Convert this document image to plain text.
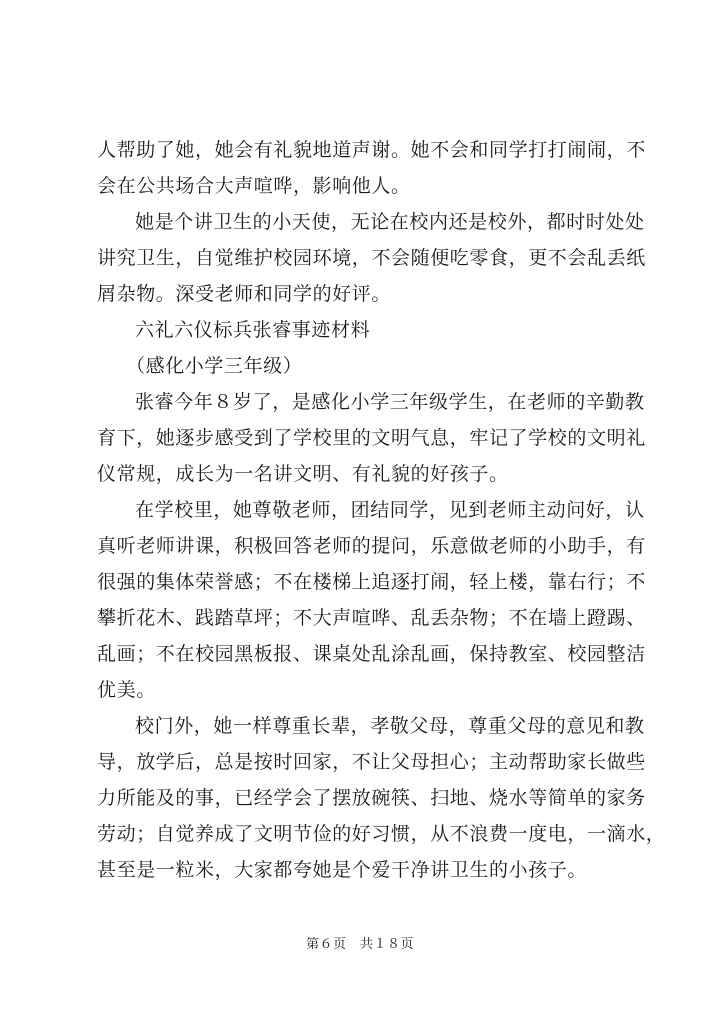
人帮助了她，她会有礼貌地道声谢。她不会和同学打打闹闹，不
会在公共场合大声喧哗，影响他人。
她是个讲卫生的小天使，无论在校内还是校外，都时时处处
讲究卫生，自觉维护校园环境，不会随便吃零食，更不会乱丢纸
屑杂物。深受老师和同学的好评。
六礼六仪标兵张睿事迹材料
（感化小学三年级）
张睿今年８岁了，是感化小学三年级学生，在老师的辛勤教
育下，她逐步感受到了学校里的文明气息，牢记了学校的文明礼
仪常规，成长为一名讲文明、有礼貌的好孩子。
在学校里，她尊敬老师，团结同学，见到老师主动问好，认
真听老师讲课，积极回答老师的提问，乐意做老师的小助手，有
很强的集体荣誉感；不在楼梯上追逐打闹，轻上楼，靠右行；不
攀折花木、践踏草坪；不大声喧哗、乱丢杂物；不在墙上蹬踢、
乱画；不在校园黑板报、课桌处乱涂乱画，保持教室、校园整洁
优美。
校门外，她一样尊重长辈，孝敬父母，尊重父母的意见和教
导，放学后，总是按时回家，不让父母担心；主动帮助家长做些
力所能及的事，已经学会了摆放碗筷、扫地、烧水等简单的家务
劳动；自觉养成了文明节俭的好习惯，从不浪费一度电，一滴水，
甚至是一粒米，大家都夸她是个爱干净讲卫生的小孩子。
第６页　共１８页
